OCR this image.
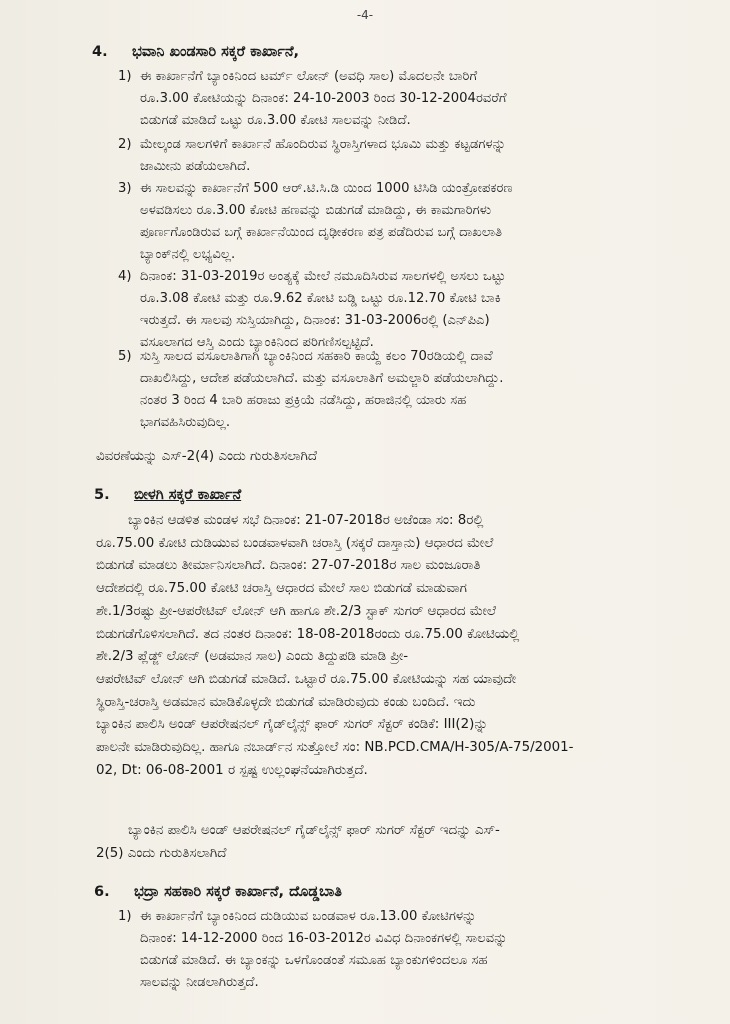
-4-
4. ಭವಾನಿ ಖಂಡಸಾರಿ ಸಕ್ಕರೆ ಕಾರ್ಖಾನೆ,
1) ಈ ಕಾರ್ಖಾನೆಗೆ ಬ್ಯಾಂಕಿನಿಂದ ಟರ್ಮ್ ಲೋನ್ (ಅವಧಿ ಸಾಲ) ಮೊದಲನೇ ಬಾರಿಗೆ
ರೂ.3.00 ಕೋಟಿಯನ್ನು ದಿನಾಂಕ: 24-10-2003 ರಿಂದ 30-12-2004ರವರೆಗೆ
ಬಿಡುಗಡೆ ಮಾಡಿದೆ ಒಟ್ಟು ರೂ.3.00 ಕೋಟಿ ಸಾಲವನ್ನು ನೀಡಿದೆ.
2) ಮೇಲ್ಕಂಡ ಸಾಲಗಳಿಗೆ ಕಾರ್ಖಾನೆ ಹೊಂದಿರುವ ಸ್ಥಿರಾಸ್ತಿಗಳಾದ ಭೂಮಿ ಮತ್ತು ಕಟ್ಟಡಗಳನ್ನು
ಜಾಮೀನು ಪಡೆಯಲಾಗಿದೆ.
3) ಈ ಸಾಲವನ್ನು ಕಾರ್ಖಾನೆಗೆ 500 ಆರ್.ಟಿ.ಸಿ.ಡಿ ಯಿಂದ 1000 ಟಿಸಿಡಿ ಯಂತ್ರೋಪಕರಣ
ಅಳವಡಿಸಲು ರೂ.3.00 ಕೋಟಿ ಹಣವನ್ನು ಬಿಡುಗಡೆ ಮಾಡಿದ್ದು, ಈ ಕಾಮಗಾರಿಗಳು
ಪೂರ್ಣಗೊಂಡಿರುವ ಬಗ್ಗೆ ಕಾರ್ಖಾನೆಯಿಂದ ದೃಢೀಕರಣ ಪತ್ರ ಪಡೆದಿರುವ ಬಗ್ಗೆ ದಾಖಲಾತಿ
ಬ್ಯಾಂಕ್‌ನಲ್ಲಿ ಲಭ್ಯವಿಲ್ಲ.
4) ದಿನಾಂಕ: 31-03-2019ರ ಅಂತ್ಯಕ್ಕೆ ಮೇಲೆ ನಮೂದಿಸಿರುವ ಸಾಲಗಳಲ್ಲಿ ಅಸಲು ಒಟ್ಟು
ರೂ.3.08 ಕೋಟಿ ಮತ್ತು ರೂ.9.62 ಕೋಟಿ ಬಡ್ಡಿ ಒಟ್ಟು ರೂ.12.70 ಕೋಟಿ ಬಾಕಿ
ಇರುತ್ತದೆ. ಈ ಸಾಲವು ಸುಸ್ತಿಯಾಗಿದ್ದು, ದಿನಾಂಕ: 31-03-2006ರಲ್ಲಿ (ಎನ್‌ಪಿಎ)
ವಸೂಲಾಗದ ಆಸ್ತಿ ಎಂದು ಬ್ಯಾಂಕಿನಿಂದ ಪರಿಗಣಿಸಲ್ಪಟ್ಟಿದೆ.
5) ಸುಸ್ತಿ ಸಾಲದ ವಸೂಲಾತಿಗಾಗಿ ಬ್ಯಾಂಕಿನಿಂದ ಸಹಕಾರಿ ಕಾಯ್ದೆ ಕಲಂ 70ರಡಿಯಲ್ಲಿ ದಾವೆ
ದಾಖಲಿಸಿದ್ದು, ಆದೇಶ ಪಡೆಯಲಾಗಿದೆ. ಮತ್ತು ವಸೂಲಾತಿಗೆ ಅಮಲ್ಜಾರಿ ಪಡೆಯಲಾಗಿದ್ದು.
ನಂತರ 3 ರಿಂದ 4 ಬಾರಿ ಹರಾಜು ಪ್ರಕ್ರಿಯೆ ನಡೆಸಿದ್ದು, ಹರಾಜಿನಲ್ಲಿ ಯಾರು ಸಹ
ಭಾಗವಹಿಸಿರುವುದಿಲ್ಲ.
ವಿವರಣೆಯನ್ನು ಎಸ್-2(4) ಎಂದು ಗುರುತಿಸಲಾಗಿದೆ
5. ಬೀಳಗಿ ಸಕ್ಕರೆ ಕಾರ್ಖಾನೆ
ಬ್ಯಾಂಕಿನ ಆಡಳಿತ ಮಂಡಳ ಸಭೆ ದಿನಾಂಕ: 21-07-2018ರ ಅಜೆಂಡಾ ಸಂ: 8ರಲ್ಲಿ
ರೂ.75.00 ಕೋಟಿ ದುಡಿಯುವ ಬಂಡವಾಳವಾಗಿ ಚರಾಸ್ತಿ (ಸಕ್ಕರೆ ದಾಸ್ತಾನು) ಆಧಾರದ ಮೇಲೆ
ಬಿಡುಗಡೆ ಮಾಡಲು ತೀರ್ಮಾನಿಸಲಾಗಿದೆ. ದಿನಾಂಕ: 27-07-2018ರ ಸಾಲ ಮಂಜೂರಾತಿ
ಆದೇಶದಲ್ಲಿ ರೂ.75.00 ಕೋಟಿ ಚರಾಸ್ತಿ ಆಧಾರದ ಮೇಲೆ ಸಾಲ ಬಿಡುಗಡೆ ಮಾಡುವಾಗ
ಶೇ.1/3ರಷ್ಟು ಪ್ರೀ-ಆಪರೇಟಿವ್ ಲೋನ್ ಆಗಿ ಹಾಗೂ ಶೇ.2/3 ಸ್ಟಾಕ್ ಸುಗರ್ ಆಧಾರದ ಮೇಲೆ
ಬಿಡುಗಡೆಗೊಳಿಸಲಾಗಿದೆ. ತದ ನಂತರ ದಿನಾಂಕ: 18-08-2018ರಂದು ರೂ.75.00 ಕೋಟಿಯಲ್ಲಿ
ಶೇ.2/3 ಪ್ಲೆಡ್ಜ್ ಲೋನ್ (ಅಡಮಾನ ಸಾಲ) ಎಂದು ತಿದ್ದುಪಡಿ ಮಾಡಿ ಪ್ರೀ-
ಆಪರೇಟಿವ್ ಲೋನ್ ಆಗಿ ಬಿಡುಗಡೆ ಮಾಡಿದೆ. ಒಟ್ಟಾರೆ ರೂ.75.00 ಕೋಟಿಯನ್ನು ಸಹ ಯಾವುದೇ
ಸ್ಥಿರಾಸ್ತಿ-ಚರಾಸ್ತಿ ಅಡಮಾನ ಮಾಡಿಕೊಳ್ಳದೇ ಬಿಡುಗಡೆ ಮಾಡಿರುವುದು ಕಂಡು ಬಂದಿದೆ. ಇದು
ಬ್ಯಾಂಕಿನ ಪಾಲಿಸಿ ಅಂಡ್ ಆಪರೇಷನಲ್ ಗೈಡ್‌ಲೈನ್ಸ್ ಫಾರ್ ಸುಗರ್ ಸೆಕ್ಟರ್ ಕಂಡಿಕೆ: III(2)ನ್ನು
ಪಾಲನೇ ಮಾಡಿರುವುದಿಲ್ಲ. ಹಾಗೂ ನಬಾರ್ಡ್‌ನ ಸುತ್ತೋಲೆ ಸಂ: NB.PCD.CMA/H-305/A-75/2001-
02, Dt: 06-08-2001 ರ ಸ್ಪಷ್ಟ ಉಲ್ಲಂಘನೆಯಾಗಿರುತ್ತದೆ.
ಬ್ಯಾಂಕಿನ ಪಾಲಿಸಿ ಅಂಡ್ ಆಪರೇಷನಲ್ ಗೈಡ್‌ಲೈನ್ಸ್ ಫಾರ್ ಸುಗರ್ ಸೆಕ್ಟರ್ ಇದನ್ನು ಎಸ್-
2(5) ಎಂದು ಗುರುತಿಸಲಾಗಿದೆ
6. ಭದ್ರಾ ಸಹಕಾರಿ ಸಕ್ಕರೆ ಕಾರ್ಖಾನೆ, ದೊಡ್ಡಬಾತಿ
1) ಈ ಕಾರ್ಖಾನೆಗೆ ಬ್ಯಾಂಕಿನಿಂದ ದುಡಿಯುವ ಬಂಡವಾಳ ರೂ.13.00 ಕೋಟಿಗಳನ್ನು
ದಿನಾಂಕ: 14-12-2000 ರಿಂದ 16-03-2012ರ ವಿವಿಧ ದಿನಾಂಕಗಳಲ್ಲಿ ಸಾಲವನ್ನು
ಬಿಡುಗಡೆ ಮಾಡಿದೆ. ಈ ಬ್ಯಾಂಕನ್ನು ಒಳಗೊಂಡಂತೆ ಸಮೂಹ ಬ್ಯಾಂಕುಗಳಿಂದಲೂ ಸಹ
ಸಾಲವನ್ನು ನೀಡಲಾಗಿರುತ್ತದೆ.
